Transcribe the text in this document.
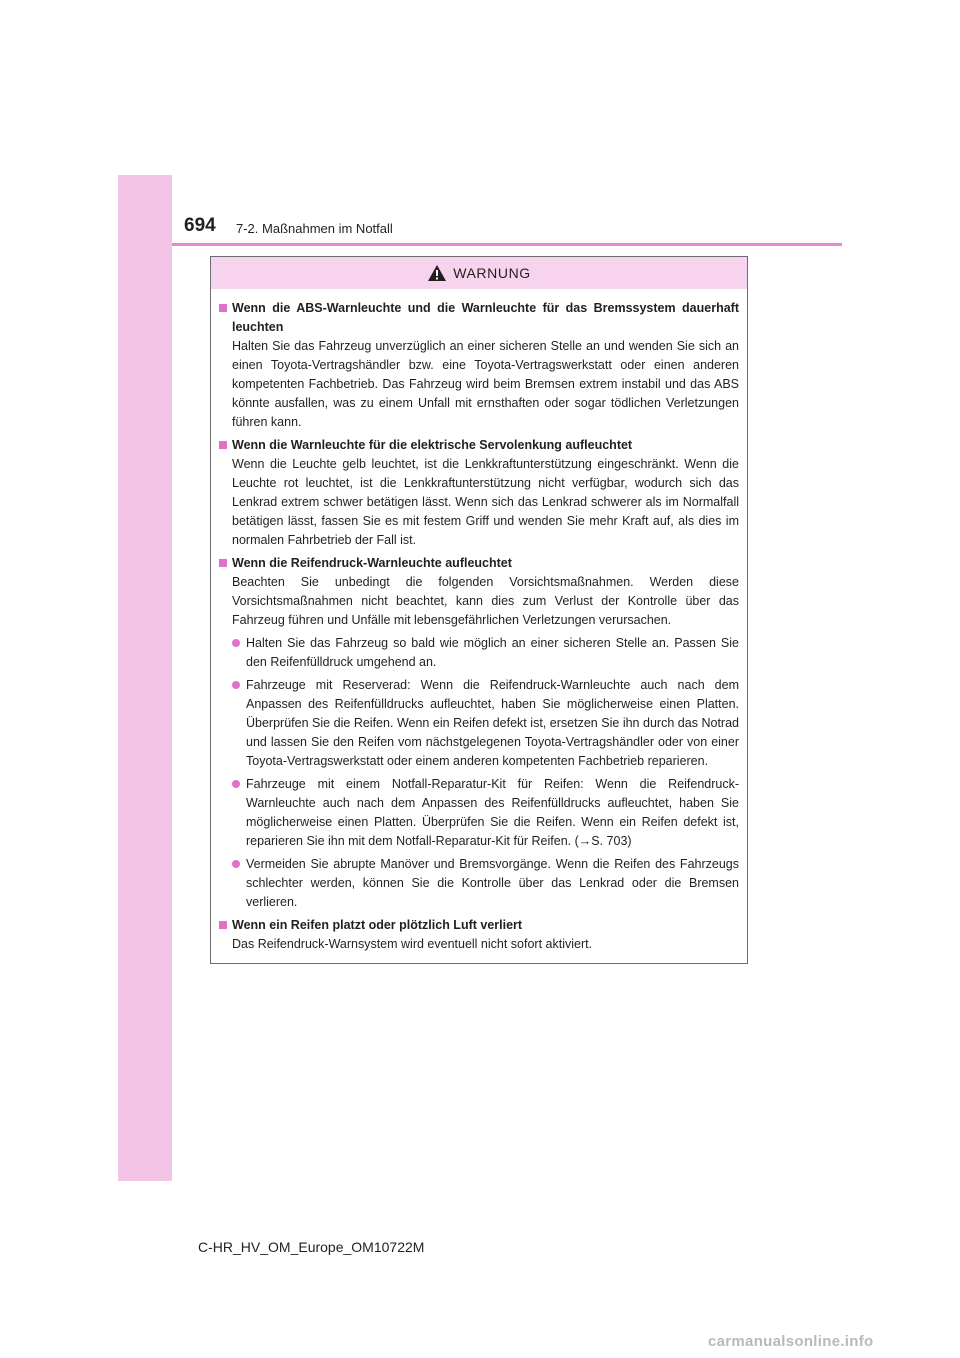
694 7-2. Maßnahmen im Notfall
WARNUNG
Wenn die ABS-Warnleuchte und die Warnleuchte für das Bremssystem dauerhaft leuchten
Halten Sie das Fahrzeug unverzüglich an einer sicheren Stelle an und wenden Sie sich an einen Toyota-Vertragshändler bzw. eine Toyota-Vertragswerkstatt oder einen anderen kompetenten Fachbetrieb. Das Fahrzeug wird beim Bremsen extrem instabil und das ABS könnte ausfallen, was zu einem Unfall mit ernsthaften oder sogar tödlichen Verletzungen führen kann.
Wenn die Warnleuchte für die elektrische Servolenkung aufleuchtet
Wenn die Leuchte gelb leuchtet, ist die Lenkkraftunterstützung eingeschränkt. Wenn die Leuchte rot leuchtet, ist die Lenkkraftunterstützung nicht verfügbar, wodurch sich das Lenkrad extrem schwer betätigen lässt. Wenn sich das Lenkrad schwerer als im Normalfall betätigen lässt, fassen Sie es mit festem Griff und wenden Sie mehr Kraft auf, als dies im normalen Fahrbetrieb der Fall ist.
Wenn die Reifendruck-Warnleuchte aufleuchtet
Beachten Sie unbedingt die folgenden Vorsichtsmaßnahmen. Werden diese Vorsichtsmaßnahmen nicht beachtet, kann dies zum Verlust der Kontrolle über das Fahrzeug führen und Unfälle mit lebensgefährlichen Verletzungen verursachen.
Halten Sie das Fahrzeug so bald wie möglich an einer sicheren Stelle an. Passen Sie den Reifenfülldruck umgehend an.
Fahrzeuge mit Reserverad: Wenn die Reifendruck-Warnleuchte auch nach dem Anpassen des Reifenfülldrucks aufleuchtet, haben Sie möglicherweise einen Platten. Überprüfen Sie die Reifen. Wenn ein Reifen defekt ist, ersetzen Sie ihn durch das Notrad und lassen Sie den Reifen vom nächstgelegenen Toyota-Vertragshändler oder von einer Toyota-Vertragswerkstatt oder einem anderen kompetenten Fachbetrieb reparieren.
Fahrzeuge mit einem Notfall-Reparatur-Kit für Reifen: Wenn die Reifendruck-Warnleuchte auch nach dem Anpassen des Reifenfülldrucks aufleuchtet, haben Sie möglicherweise einen Platten. Überprüfen Sie die Reifen. Wenn ein Reifen defekt ist, reparieren Sie ihn mit dem Notfall-Reparatur-Kit für Reifen. (→S. 703)
Vermeiden Sie abrupte Manöver und Bremsvorgänge. Wenn die Reifen des Fahrzeugs schlechter werden, können Sie die Kontrolle über das Lenkrad oder die Bremsen verlieren.
Wenn ein Reifen platzt oder plötzlich Luft verliert
Das Reifendruck-Warnsystem wird eventuell nicht sofort aktiviert.
C-HR_HV_OM_Europe_OM10722M
carmanualsonline.info
